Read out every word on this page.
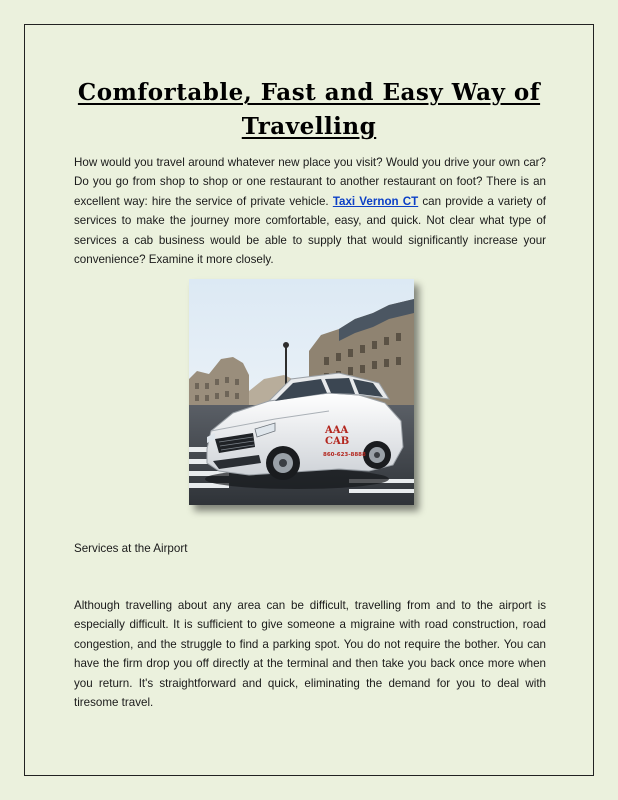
Comfortable, Fast and Easy Way of Travelling

How would you travel around whatever new place you visit? Would you drive your own car? Do you go from shop to shop or one restaurant to another restaurant on foot? There is an excellent way: hire the service of private vehicle. Taxi Vernon CT can provide a variety of services to make the journey more comfortable, easy, and quick. Not clear what type of services a cab business would be able to supply that would significantly increase your convenience? Examine it more closely.

AAA
CAB
860-623-8888
Services at the Airport

Although travelling about any area can be difficult, travelling from and to the airport is especially difficult. It is sufficient to give someone a migraine with road construction, road congestion, and the struggle to find a parking spot. You do not require the bother. You can have the firm drop you off directly at the terminal and then take you back once more when you return. It's straightforward and quick, eliminating the demand for you to deal with tiresome travel.
